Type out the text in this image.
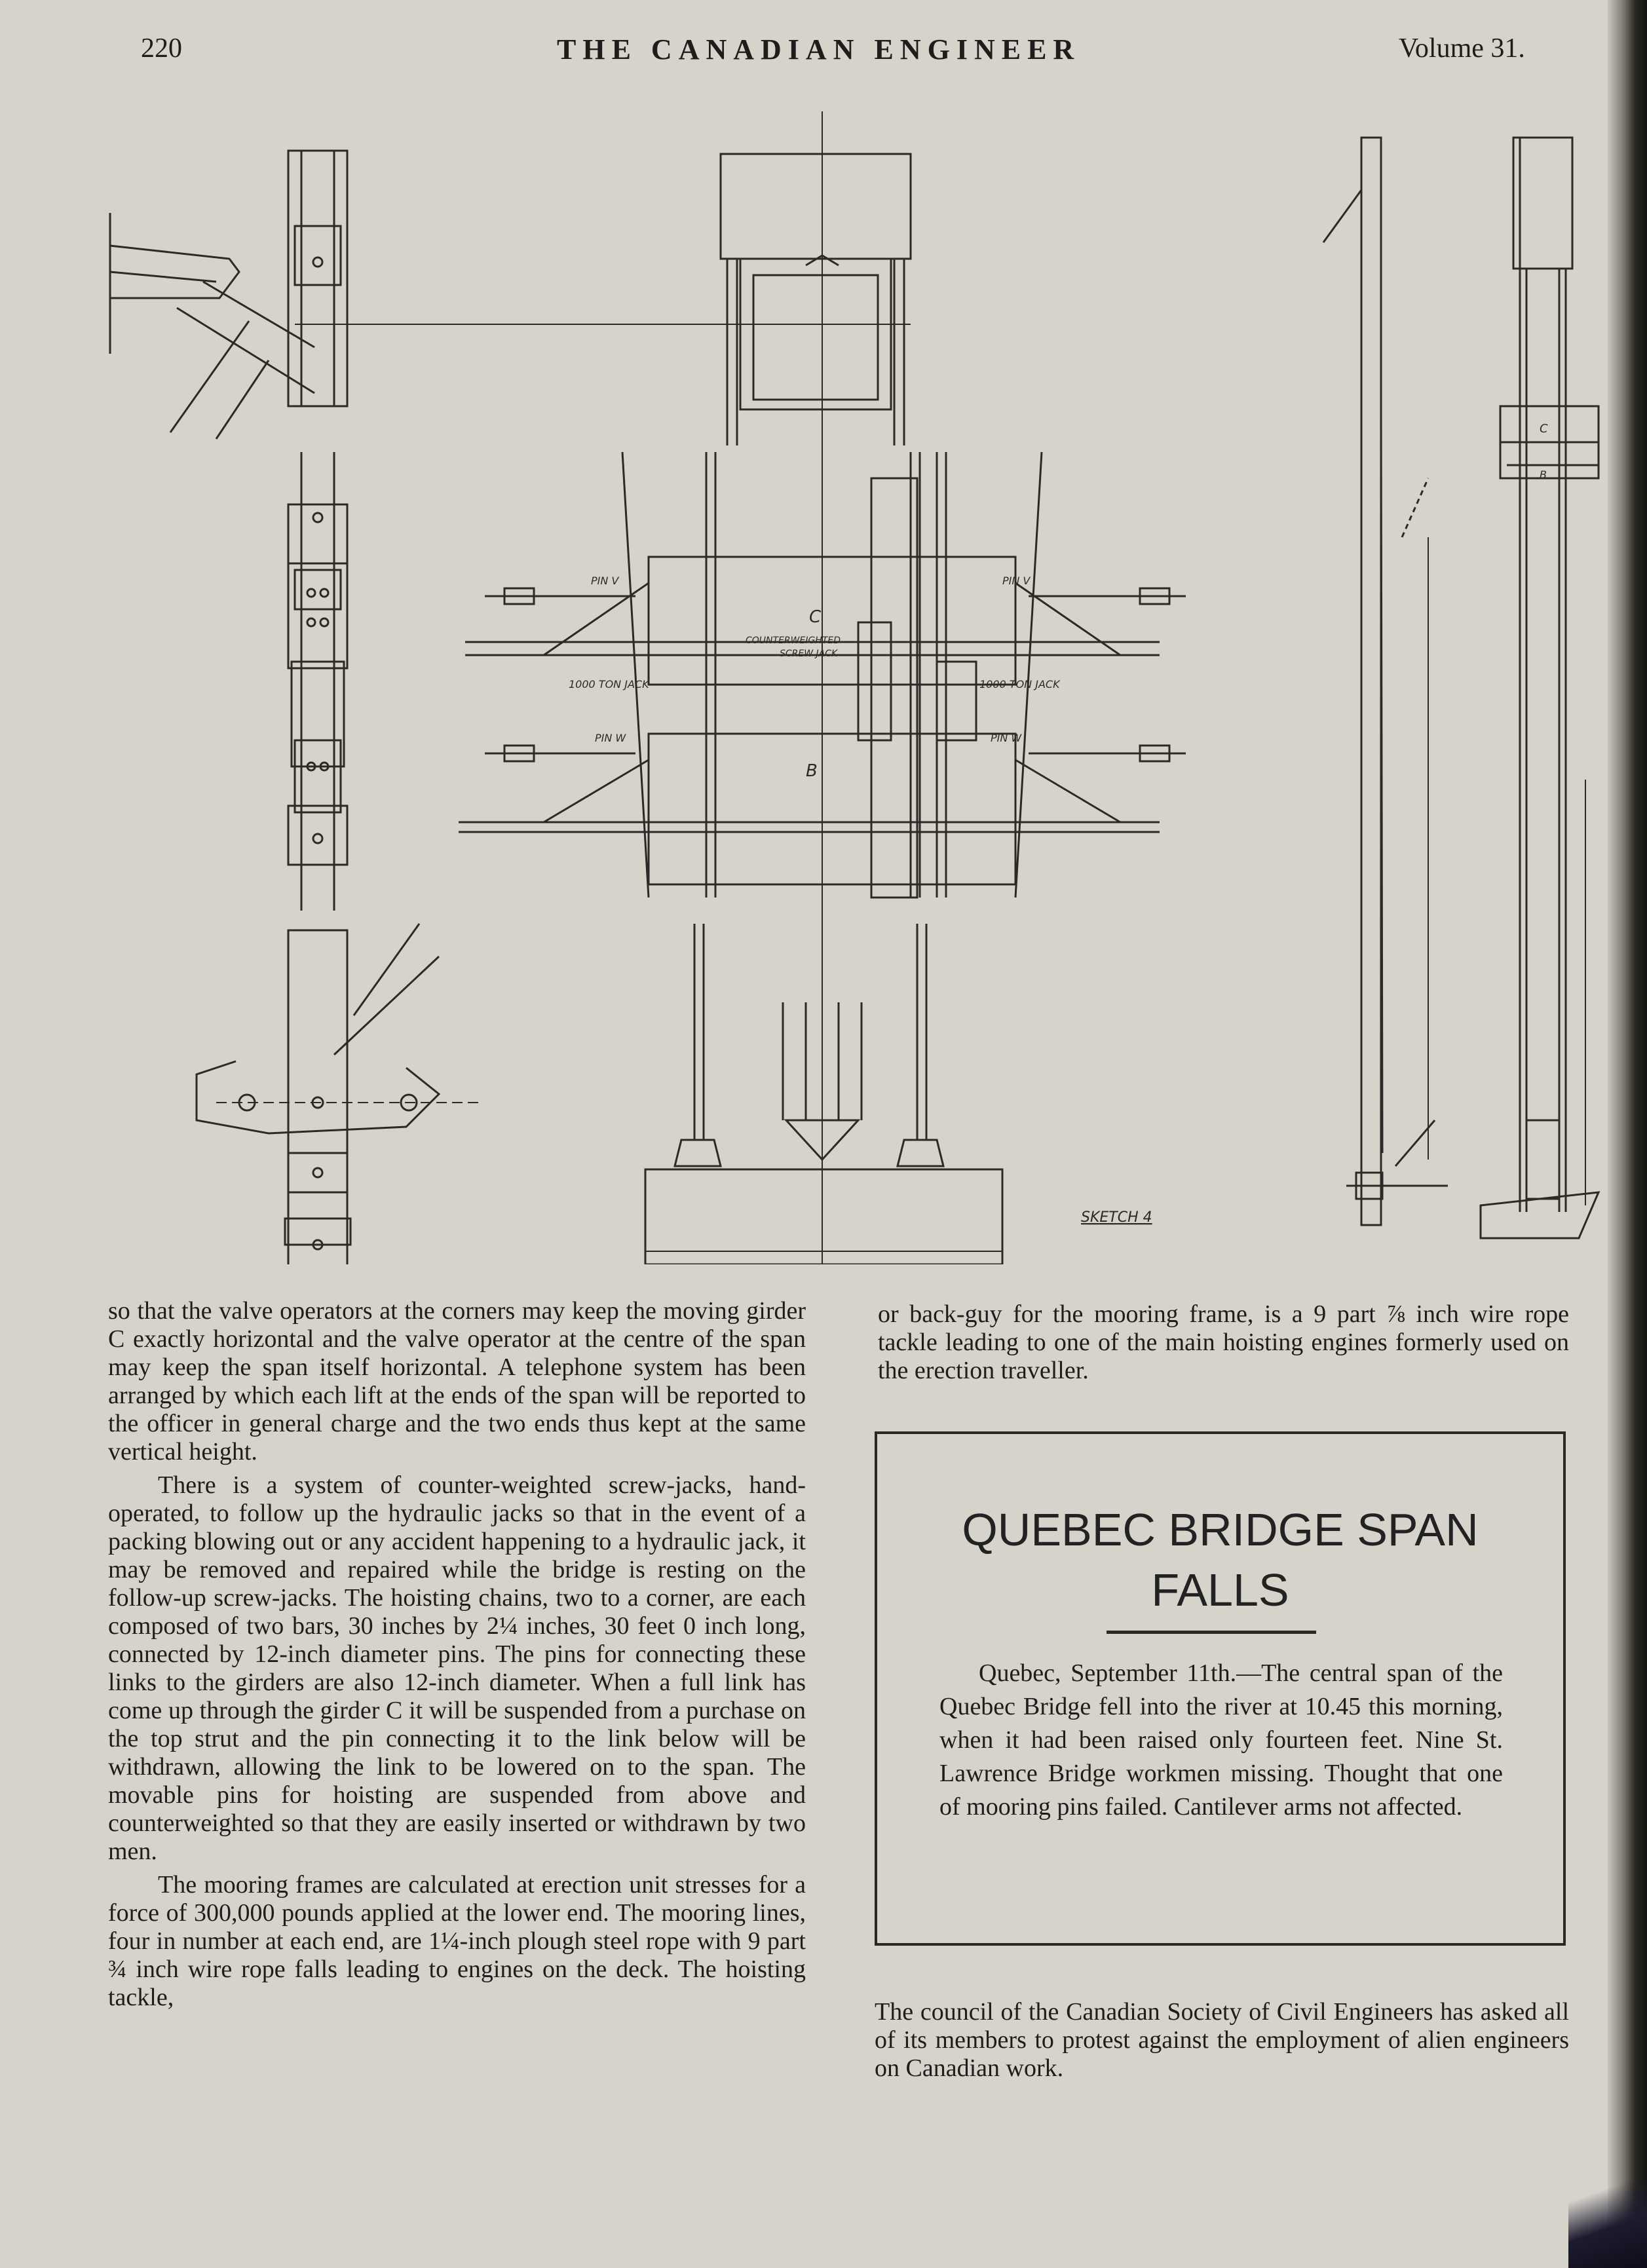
220	THE CANADIAN ENGINEER	Volume 31.
C
COUNTERWEIGHTED
SCREW JACK
PIN V	PIN V
1000 TON JACK	1000 TON JACK
PIN W	PIN W
B
C
B
SKETCH 4

so that the valve operators at the corners may keep the moving girder C exactly horizontal and the valve operator at the centre of the span may keep the span itself horizontal. A telephone system has been arranged by which each lift at the ends of the span will be reported to the officer in general charge and the two ends thus kept at the same vertical height.

There is a system of counter-weighted screw-jacks, hand-operated, to follow up the hydraulic jacks so that in the event of a packing blowing out or any accident happening to a hydraulic jack, it may be removed and repaired while the bridge is resting on the follow-up screw-jacks. The hoisting chains, two to a corner, are each composed of two bars, 30 inches by 2¼ inches, 30 feet 0 inch long, connected by 12-inch diameter pins. The pins for connecting these links to the girders are also 12-inch diameter. When a full link has come up through the girder C it will be suspended from a purchase on the top strut and the pin connecting it to the link below will be withdrawn, allowing the link to be lowered on to the span. The movable pins for hoisting are suspended from above and counterweighted so that they are easily inserted or withdrawn by two men.

The mooring frames are calculated at erection unit stresses for a force of 300,000 pounds applied at the lower end. The mooring lines, four in number at each end, are 1¼-inch plough steel rope with 9 part ¾ inch wire rope falls leading to engines on the deck. The hoisting tackle,

or back-guy for the mooring frame, is a 9 part ⅞ inch wire rope tackle leading to one of the main hoisting engines formerly used on the erection traveller.

QUEBEC BRIDGE SPAN
FALLS
Quebec, September 11th.—The central span of the Quebec Bridge fell into the river at 10.45 this morning, when it had been raised only fourteen feet. Nine St. Lawrence Bridge workmen missing. Thought that one of mooring pins failed. Cantilever arms not affected.

The council of the Canadian Society of Civil Engineers has asked all of its members to protest against the employment of alien engineers on Canadian work.
